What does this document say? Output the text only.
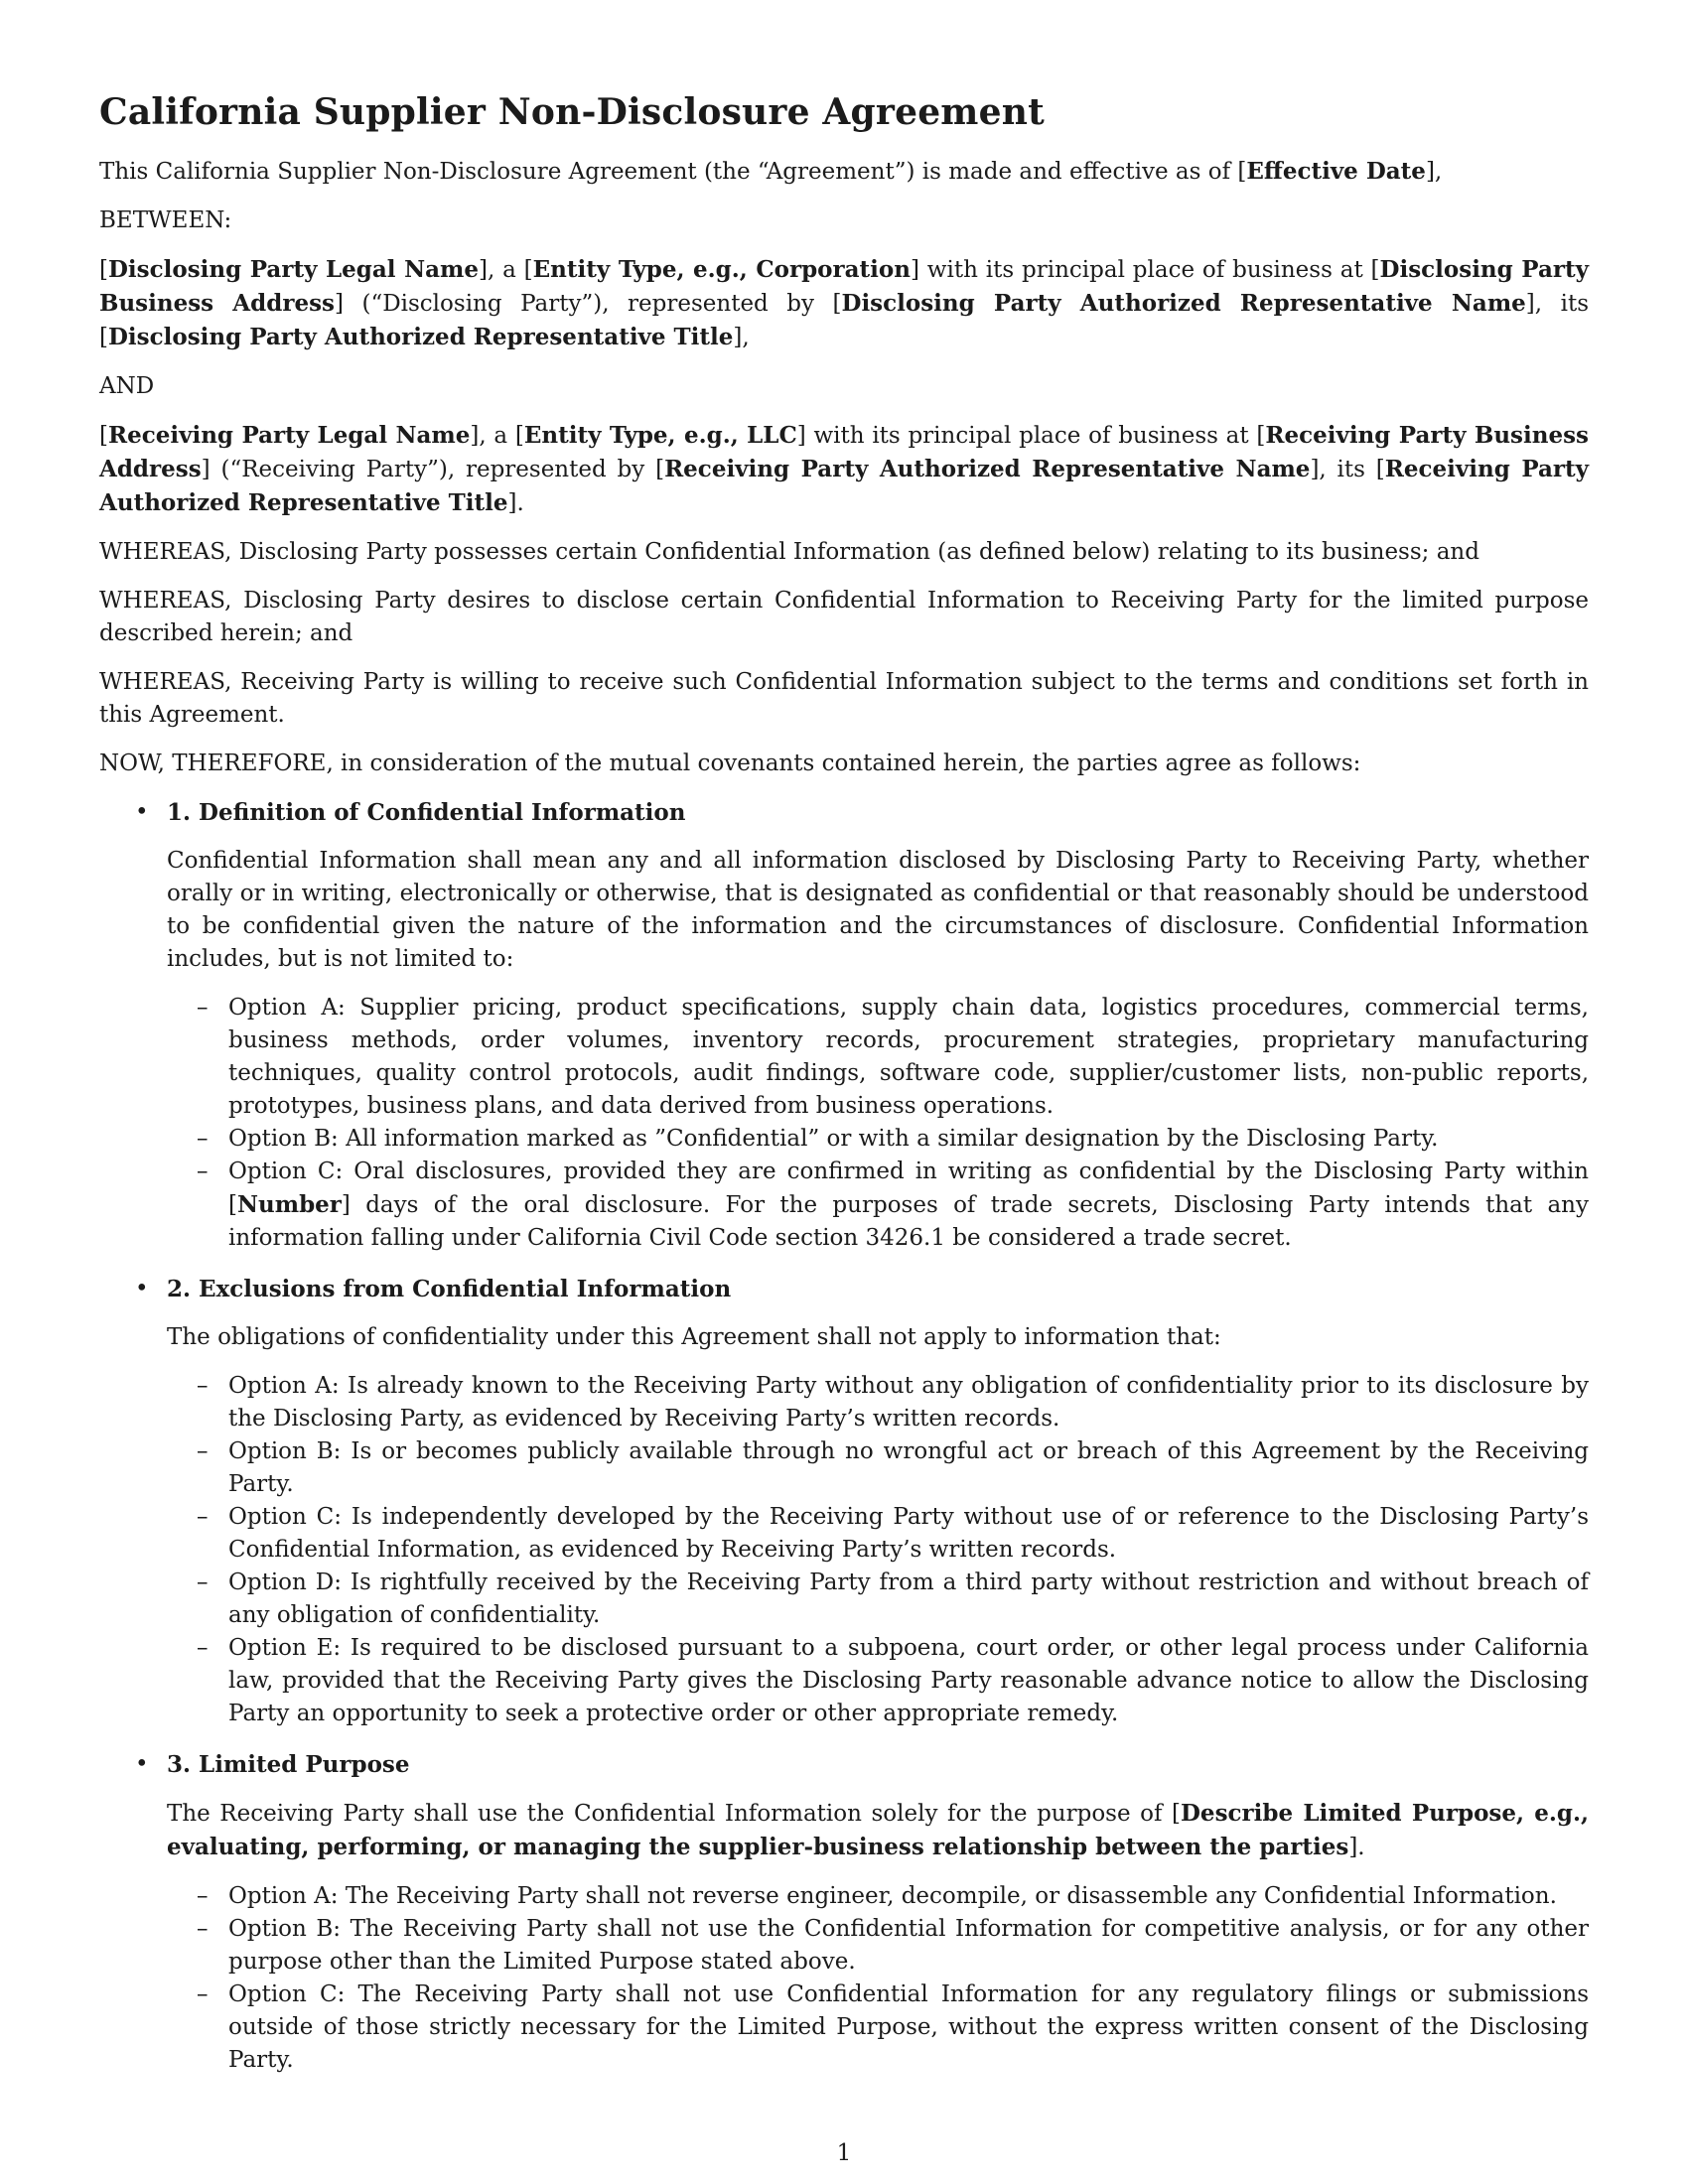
California Supplier Non-Disclosure Agreement

This California Supplier Non-Disclosure Agreement (the “Agreement”) is made and effective as of [Effective Date],

BETWEEN:

[Disclosing Party Legal Name], a [Entity Type, e.g., Corporation] with its principal place of business at [Disclosing Party Business Address] (“Disclosing Party”), represented by [Disclosing Party Authorized Representative Name], its [Disclosing Party Authorized Representative Title],

AND

[Receiving Party Legal Name], a [Entity Type, e.g., LLC] with its principal place of business at [Receiving Party Business Address] (“Receiving Party”), represented by [Receiving Party Authorized Representative Name], its [Receiving Party Authorized Representative Title].

WHEREAS, Disclosing Party possesses certain Confidential Information (as defined below) relating to its business; and

WHEREAS, Disclosing Party desires to disclose certain Confidential Information to Receiving Party for the limited purpose described herein; and

WHEREAS, Receiving Party is willing to receive such Confidential Information subject to the terms and conditions set forth in this Agreement.

NOW, THEREFORE, in consideration of the mutual covenants contained herein, the parties agree as follows:

• 1. Definition of Confidential Information

Confidential Information shall mean any and all information disclosed by Disclosing Party to Receiving Party, whether orally or in writing, electronically or otherwise, that is designated as confidential or that reasonably should be understood to be confidential given the nature of the information and the circumstances of disclosure. Confidential Information includes, but is not limited to:

– Option A: Supplier pricing, product specifications, supply chain data, logistics procedures, commercial terms, business methods, order volumes, inventory records, procurement strategies, proprietary manufacturing techniques, quality control protocols, audit findings, software code, supplier/customer lists, non-public reports, prototypes, business plans, and data derived from business operations.
– Option B: All information marked as ”Confidential” or with a similar designation by the Disclosing Party.
– Option C: Oral disclosures, provided they are confirmed in writing as confidential by the Disclosing Party within [Number] days of the oral disclosure. For the purposes of trade secrets, Disclosing Party intends that any information falling under California Civil Code section 3426.1 be considered a trade secret.
• 2. Exclusions from Confidential Information

The obligations of confidentiality under this Agreement shall not apply to information that:

– Option A: Is already known to the Receiving Party without any obligation of confidentiality prior to its disclosure by the Disclosing Party, as evidenced by Receiving Party’s written records.
– Option B: Is or becomes publicly available through no wrongful act or breach of this Agreement by the Receiving Party.
– Option C: Is independently developed by the Receiving Party without use of or reference to the Disclosing Party’s Confidential Information, as evidenced by Receiving Party’s written records.
– Option D: Is rightfully received by the Receiving Party from a third party without restriction and without breach of any obligation of confidentiality.
– Option E: Is required to be disclosed pursuant to a subpoena, court order, or other legal process under California law, provided that the Receiving Party gives the Disclosing Party reasonable advance notice to allow the Disclosing Party an opportunity to seek a protective order or other appropriate remedy.
• 3. Limited Purpose

The Receiving Party shall use the Confidential Information solely for the purpose of [Describe Limited Purpose, e.g., evaluating, performing, or managing the supplier-business relationship between the parties].

– Option A: The Receiving Party shall not reverse engineer, decompile, or disassemble any Confidential Information.
– Option B: The Receiving Party shall not use the Confidential Information for competitive analysis, or for any other purpose other than the Limited Purpose stated above.
– Option C: The Receiving Party shall not use Confidential Information for any regulatory filings or submissions outside of those strictly necessary for the Limited Purpose, without the express written consent of the Disclosing Party.
1
